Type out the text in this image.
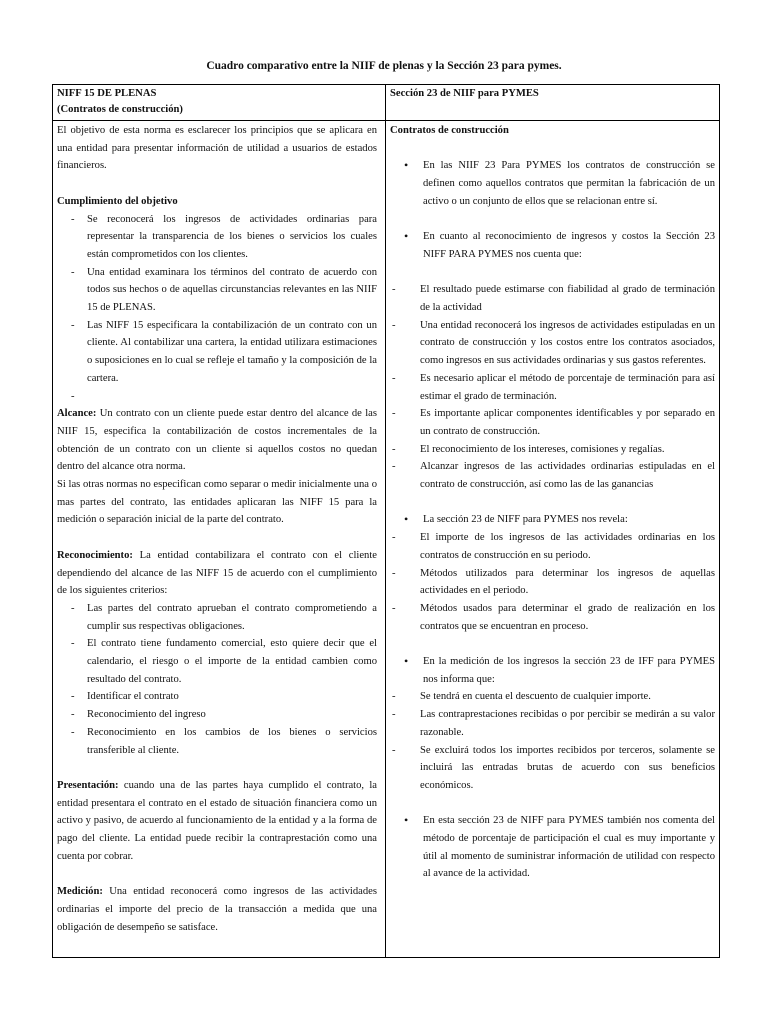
Cuadro comparativo entre la NIIF de plenas y la Sección 23 para pymes.
NIFF 15 DE PLENAS
(Contratos de construcción)
Sección 23 de NIIF para PYMES

El objetivo de esta norma es esclarecer los principios que se aplicara en una entidad para presentar información de utilidad a usuarios de estados financieros.

Cumplimiento del objetivo

- Se reconocerá los ingresos de actividades ordinarias para representar la transparencia de los bienes o servicios los cuales están comprometidos con los clientes.
- Una entidad examinara los términos del contrato de acuerdo con todos sus hechos o de aquellas circunstancias relevantes en las NIIF 15 de PLENAS.
- Las NIFF 15 especificara la contabilización de un contrato con un cliente. Al contabilizar una cartera, la entidad utilizara estimaciones o suposiciones en lo cual se refleje el tamaño y la composición de la cartera.
-

Alcance: Un contrato con un cliente puede estar dentro del alcance de las NIIF 15, especifica la contabilización de costos incrementales de la obtención de un contrato con un cliente si aquellos costos no quedan dentro del alcance otra norma.

Si las otras normas no especifican como separar o medir inicialmente una o mas partes del contrato, las entidades aplicaran las NIFF 15 para la medición o separación inicial de la parte del contrato.

Reconocimiento: La entidad contabilizara el contrato con el cliente dependiendo del alcance de las NIFF 15 de acuerdo con el cumplimiento de los siguientes criterios:

- Las partes del contrato aprueban el contrato comprometiendo a cumplir sus respectivas obligaciones.
- El contrato tiene fundamento comercial, esto quiere decir que el calendario, el riesgo o el importe de la entidad cambien como resultado del contrato.
- Identificar el contrato
- Reconocimiento del ingreso
- Reconocimiento en los cambios de los bienes o servicios transferible al cliente.

Presentación: cuando una de las partes haya cumplido el contrato, la entidad presentara el contrato en el estado de situación financiera como un activo y pasivo, de acuerdo al funcionamiento de la entidad y a la forma de pago del cliente. La entidad puede recibir la contraprestación como una cuenta por cobrar.

Medición: Una entidad reconocerá como ingresos de las actividades ordinarias el importe del precio de la transacción a medida que una obligación de desempeño se satisface.

Contratos de construcción

• En las NIIF 23 Para PYMES los contratos de construcción se definen como aquellos contratos que permitan la fabricación de un activo o un conjunto de ellos que se relacionan entre sí.
• En cuanto al reconocimiento de ingresos y costos la Sección 23 NIFF PARA PYMES nos cuenta que:
- El resultado puede estimarse con fiabilidad al grado de terminación de la actividad
- Una entidad reconocerá los ingresos de actividades estipuladas en un contrato de construcción y los costos entre los contratos asociados, como ingresos en sus actividades ordinarias y sus gastos referentes.
- Es necesario aplicar el método de porcentaje de terminación para así estimar el grado de terminación.
- Es importante aplicar componentes identificables y por separado en un contrato de construcción.
- El reconocimiento de los intereses, comisiones y regalías.
- Alcanzar ingresos de las actividades ordinarias estipuladas en el contrato de construcción, así como las de las ganancias
• La sección 23 de NIFF para PYMES nos revela:
- El importe de los ingresos de las actividades ordinarias en los contratos de construcción en su periodo.
- Métodos utilizados para determinar los ingresos de aquellas actividades en el periodo.
- Métodos usados para determinar el grado de realización en los contratos que se encuentran en proceso.
• En la medición de los ingresos la sección 23 de IFF para PYMES nos informa que:
- Se tendrá en cuenta el descuento de cualquier importe.
- Las contraprestaciones recibidas o por percibir se medirán a su valor razonable.
- Se excluirá todos los importes recibidos por terceros, solamente se incluirá las entradas brutas de acuerdo con sus beneficios económicos.
• En esta sección 23 de NIFF para PYMES también nos comenta del método de porcentaje de participación el cual es muy importante y útil al momento de suministrar información de utilidad con respecto al avance de la actividad.
